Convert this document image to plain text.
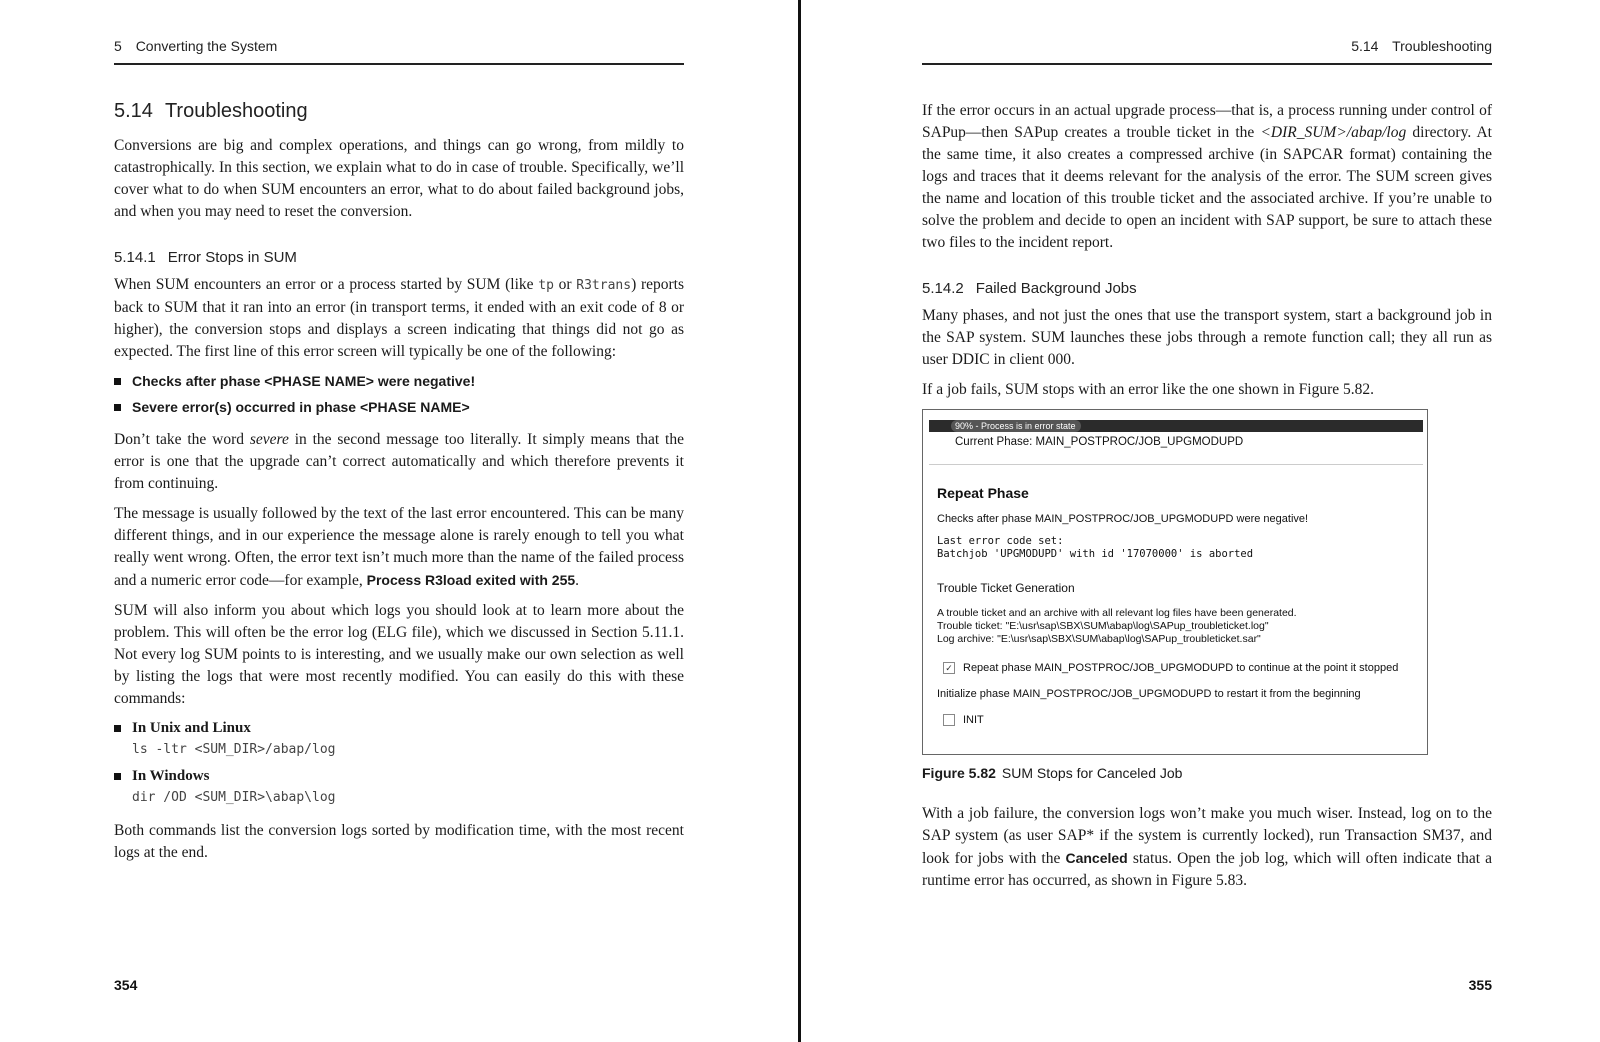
5 Converting the System
5.14 Troubleshooting

Conversions are big and complex operations, and things can go wrong, from mildly to catastrophically. In this section, we explain what to do in case of trouble. Specifically, we’ll cover what to do when SUM encounters an error, what to do about failed background jobs, and when you may need to reset the conversion.

5.14.1 Error Stops in SUM

When SUM encounters an error or a process started by SUM (like tp or R3trans) reports back to SUM that it ran into an error (in transport terms, it ended with an exit code of 8 or higher), the conversion stops and displays a screen indicating that things did not go as expected. The first line of this error screen will typically be one of the following:

Checks after phase <PHASE NAME> were negative!
Severe error(s) occurred in phase <PHASE NAME>

Don’t take the word severe in the second message too literally. It simply means that the error is one that the upgrade can’t correct automatically and which therefore prevents it from continuing.

The message is usually followed by the text of the last error encountered. This can be many different things, and in our experience the message alone is rarely enough to tell you what really went wrong. Often, the error text isn’t much more than the name of the failed process and a numeric error code—for example, Process R3load exited with 255.

SUM will also inform you about which logs you should look at to learn more about the problem. This will often be the error log (ELG file), which we discussed in Section 5.11.1. Not every log SUM points to is interesting, and we usually make our own selection as well by listing the logs that were most recently modified. You can easily do this with these commands:

In Unix and Linux
ls -ltr <SUM_DIR>/abap/log
In Windows
dir /OD <SUM_DIR>\abap\log

Both commands list the conversion logs sorted by modification time, with the most recent logs at the end.

354
5.14 Troubleshooting

If the error occurs in an actual upgrade process—that is, a process running under control of SAPup—then SAPup creates a trouble ticket in the <DIR_SUM>/abap/log directory. At the same time, it also creates a compressed archive (in SAPCAR format) containing the logs and traces that it deems relevant for the analysis of the error. The SUM screen gives the name and location of this trouble ticket and the associated archive. If you’re unable to solve the problem and decide to open an incident with SAP support, be sure to attach these two files to the incident report.

5.14.2 Failed Background Jobs

Many phases, and not just the ones that use the transport system, start a background job in the SAP system. SUM launches these jobs through a remote function call; they all run as user DDIC in client 000.

If a job fails, SUM stops with an error like the one shown in Figure 5.82.

90% - Process is in error state
Current Phase: MAIN_POSTPROC/JOB_UPGMODUPD
Repeat Phase
Checks after phase MAIN_POSTPROC/JOB_UPGMODUPD were negative!
Last error code set:
Batchjob 'UPGMODUPD' with id '17070000' is aborted
Trouble Ticket Generation
A trouble ticket and an archive with all relevant log files have been generated.
Trouble ticket: "E:\usr\sap\SBX\SUM\abap\log\SAPup_troubleticket.log"
Log archive: "E:\usr\sap\SBX\SUM\abap\log\SAPup_troubleticket.sar"
✓ Repeat phase MAIN_POSTPROC/JOB_UPGMODUPD to continue at the point it stopped
Initialize phase MAIN_POSTPROC/JOB_UPGMODUPD to restart it from the beginning
INIT
Figure 5.82 SUM Stops for Canceled Job

With a job failure, the conversion logs won’t make you much wiser. Instead, log on to the SAP system (as user SAP* if the system is currently locked), run Transaction SM37, and look for jobs with the Canceled status. Open the job log, which will often indicate that a runtime error has occurred, as shown in Figure 5.83.

355
